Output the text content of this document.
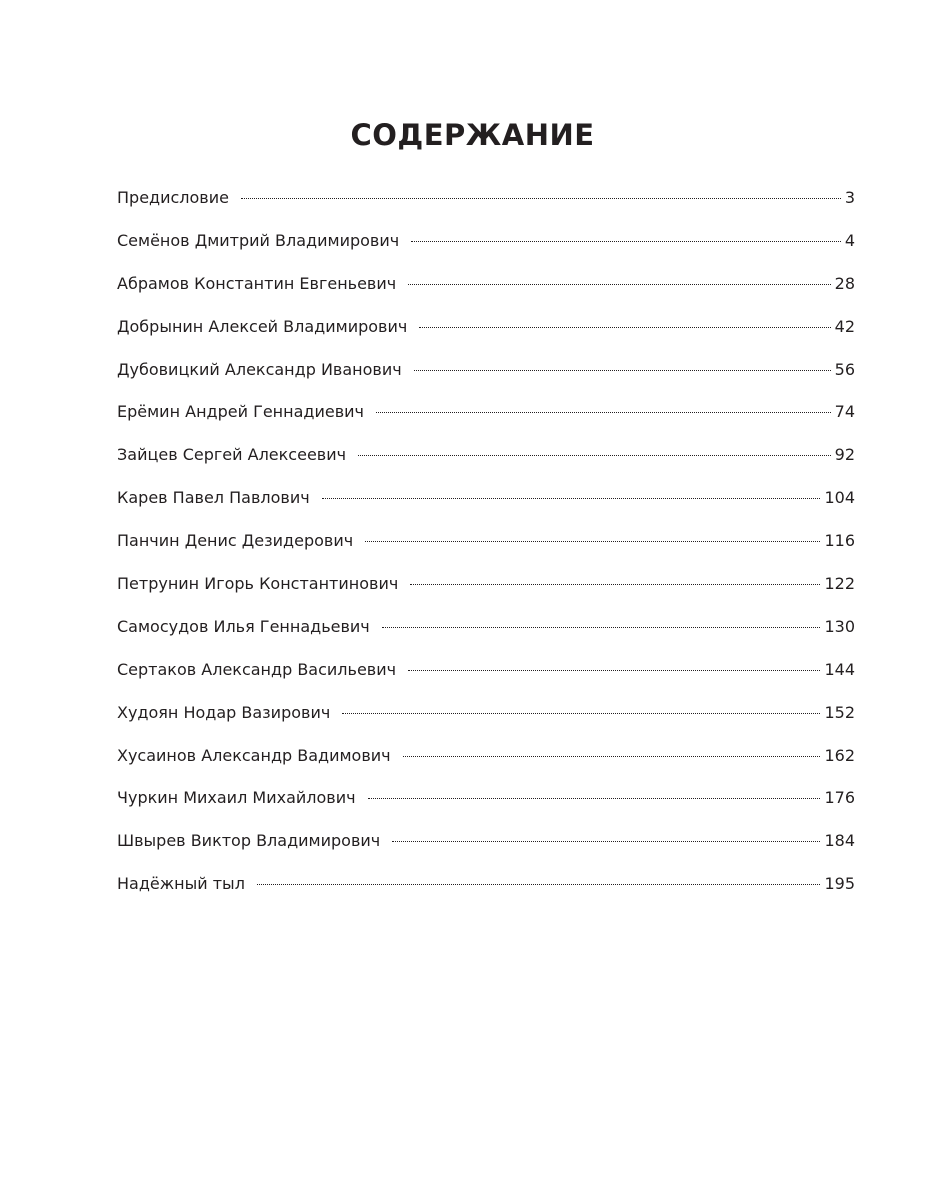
СОДЕРЖАНИЕ
Предисловие	3
Семёнов Дмитрий Владимирович	4
Абрамов Константин Евгеньевич	28
Добрынин Алексей Владимирович	42
Дубовицкий Александр Иванович	56
Ерёмин Андрей Геннадиевич	74
Зайцев Сергей Алексеевич	92
Карев Павел Павлович	104
Панчин Денис Дезидерович	116
Петрунин Игорь Константинович	122
Самосудов Илья Геннадьевич	130
Сертаков Александр Васильевич	144
Худоян Нодар Вазирович	152
Хусаинов Александр Вадимович	162
Чуркин Михаил Михайлович	176
Швырев Виктор Владимирович	184
Надёжный тыл	195
